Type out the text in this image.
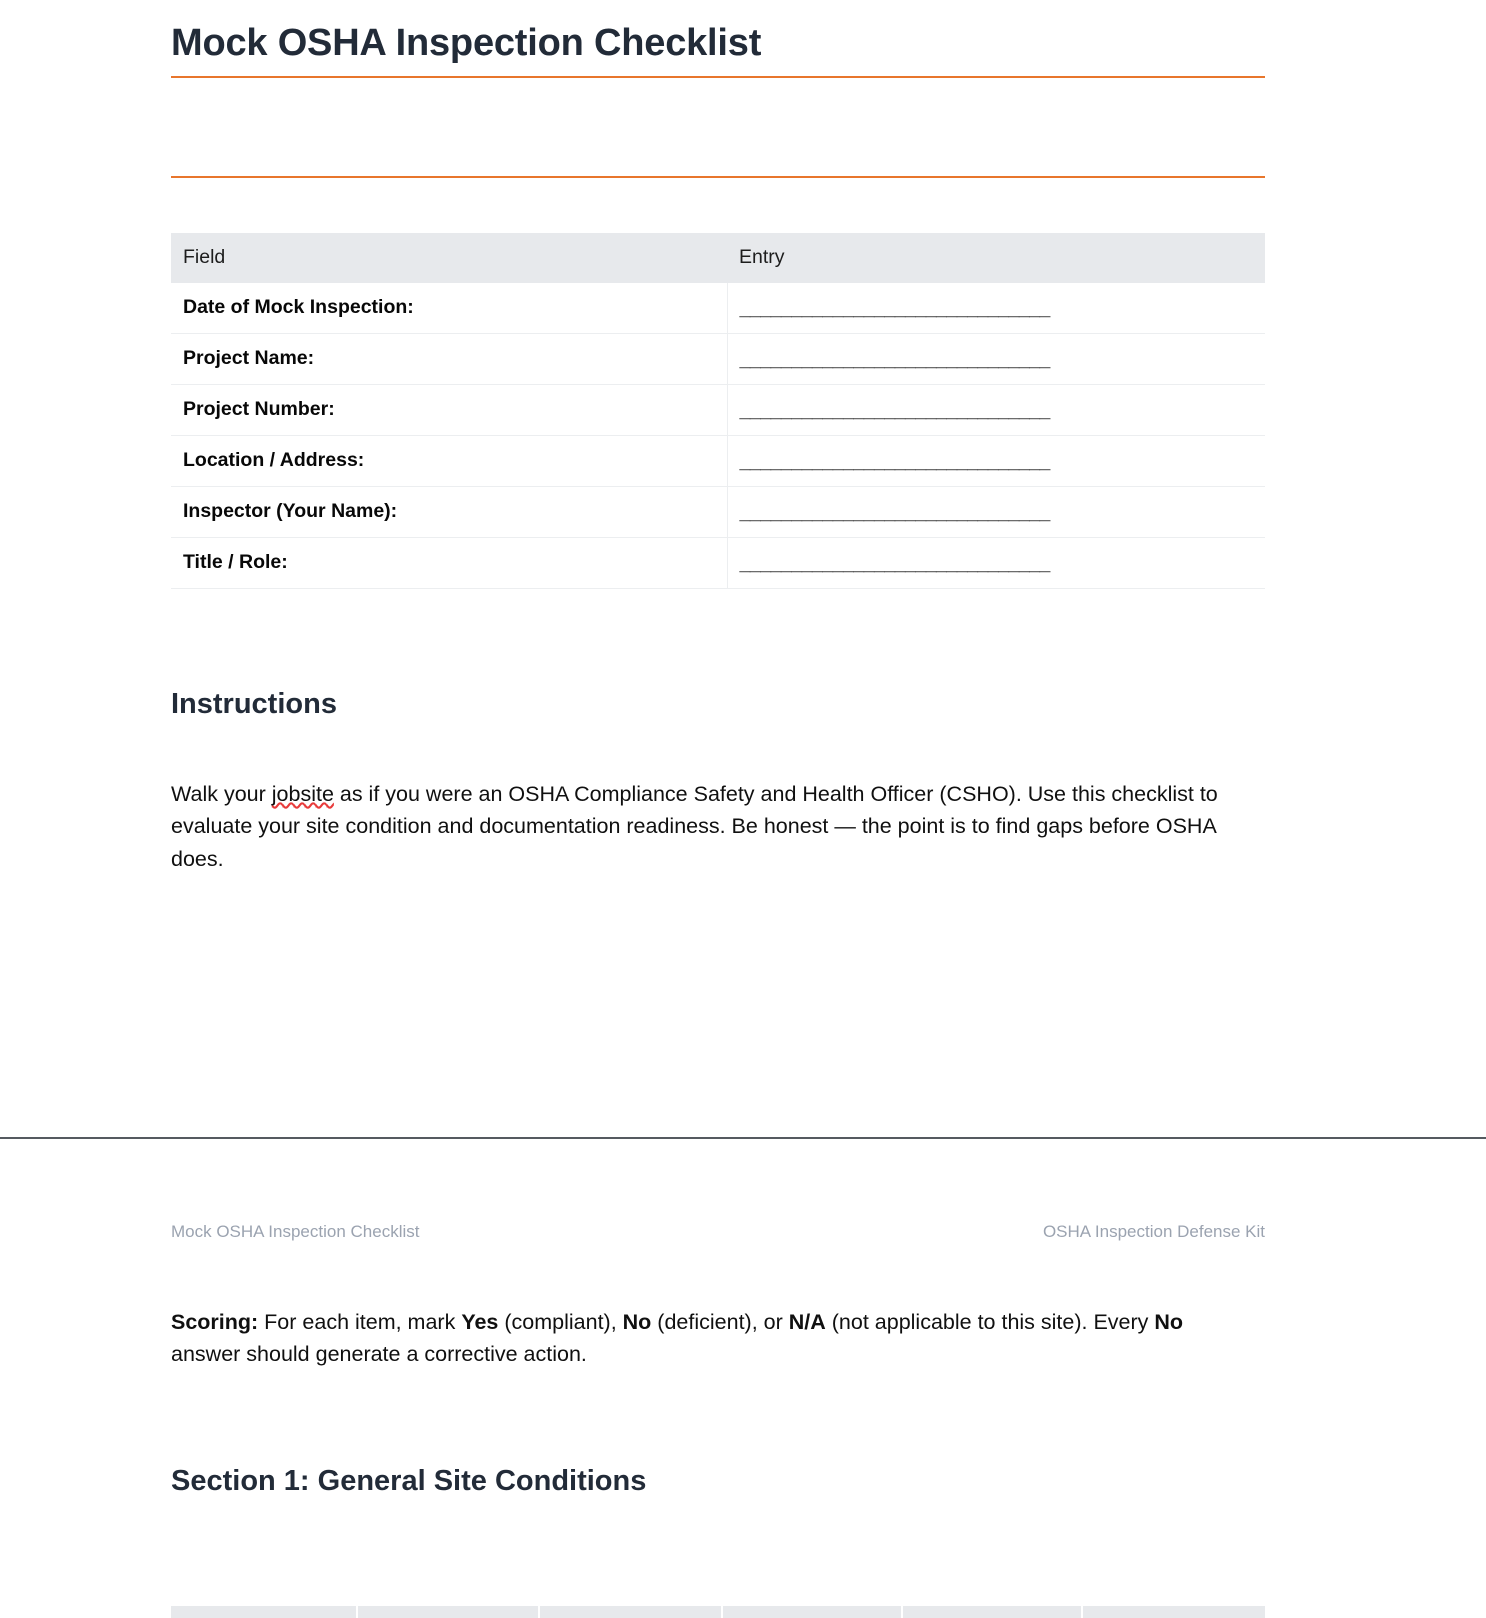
Mock OSHA Inspection Checklist
Field	Entry
Date of Mock Inspection:	______________________________
Project Name:	______________________________
Project Number:	______________________________
Location / Address:	______________________________
Inspector (Your Name):	______________________________
Title / Role:	______________________________
Instructions

Walk your jobsite as if you were an OSHA Compliance Safety and Health Officer (CSHO). Use this checklist to evaluate your site condition and documentation readiness. Be honest — the point is to find gaps before OSHA does.

Mock OSHA Inspection Checklist	OSHA Inspection Defense Kit

Scoring: For each item, mark Yes (compliant), No (deficient), or N/A (not applicable to this site). Every No answer should generate a corrective action.

Section 1: General Site Conditions
